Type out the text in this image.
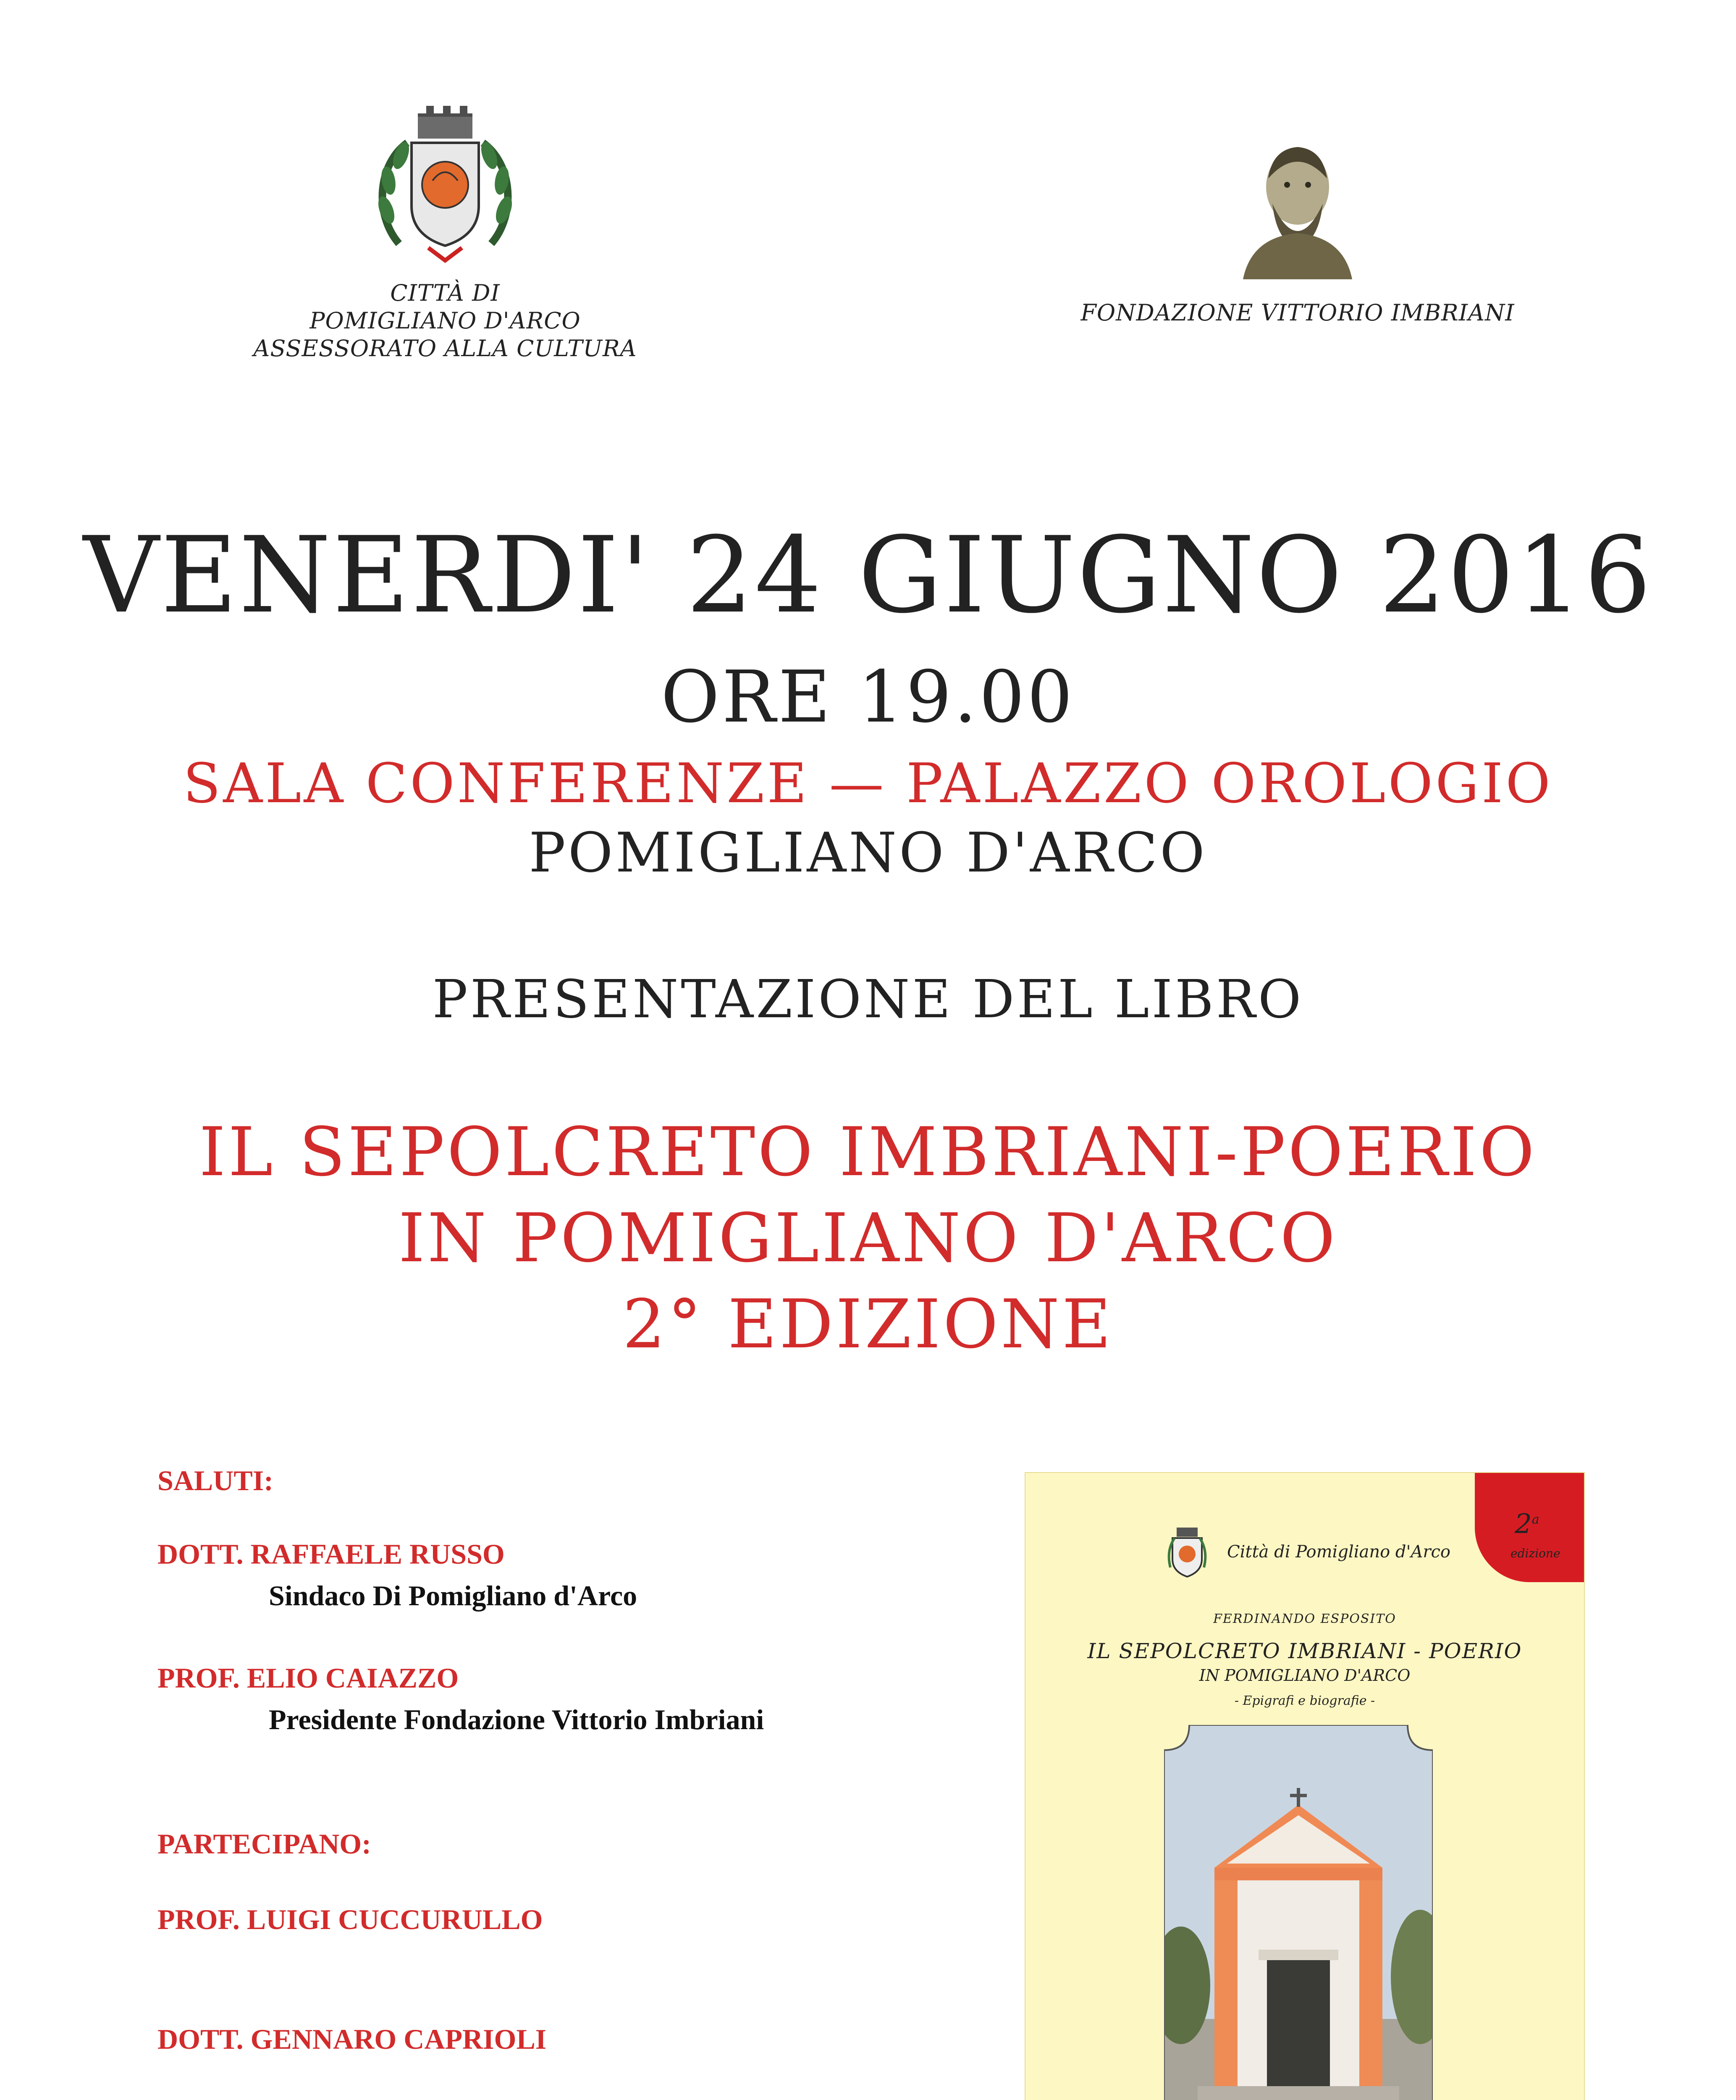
CITTÀ DI
POMIGLIANO D'ARCO
ASSESSORATO ALLA CULTURA
FONDAZIONE VITTORIO IMBRIANI
VENERDI' 24 GIUGNO 2016
ORE 19.00
SALA CONFERENZE — PALAZZO OROLOGIO
POMIGLIANO D'ARCO
PRESENTAZIONE DEL LIBRO
IL SEPOLCRETO IMBRIANI-POERIO
IN POMIGLIANO D'ARCO
2° EDIZIONE
SALUTI:
DOTT. RAFFAELE RUSSO
Sindaco Di Pomigliano d'Arco
PROF. ELIO CAIAZZO
Presidente Fondazione Vittorio Imbriani
PARTECIPANO:
PROF. LUIGI CUCCURULLO
DOTT. GENNARO CAPRIOLI
2$^a$
edizione
Città di Pomigliano d'Arco
FERDINANDO ESPOSITO
IL SEPOLCRETO IMBRIANI - POERIO
IN POMIGLIANO D'ARCO
- Epigrafi e biografie -
